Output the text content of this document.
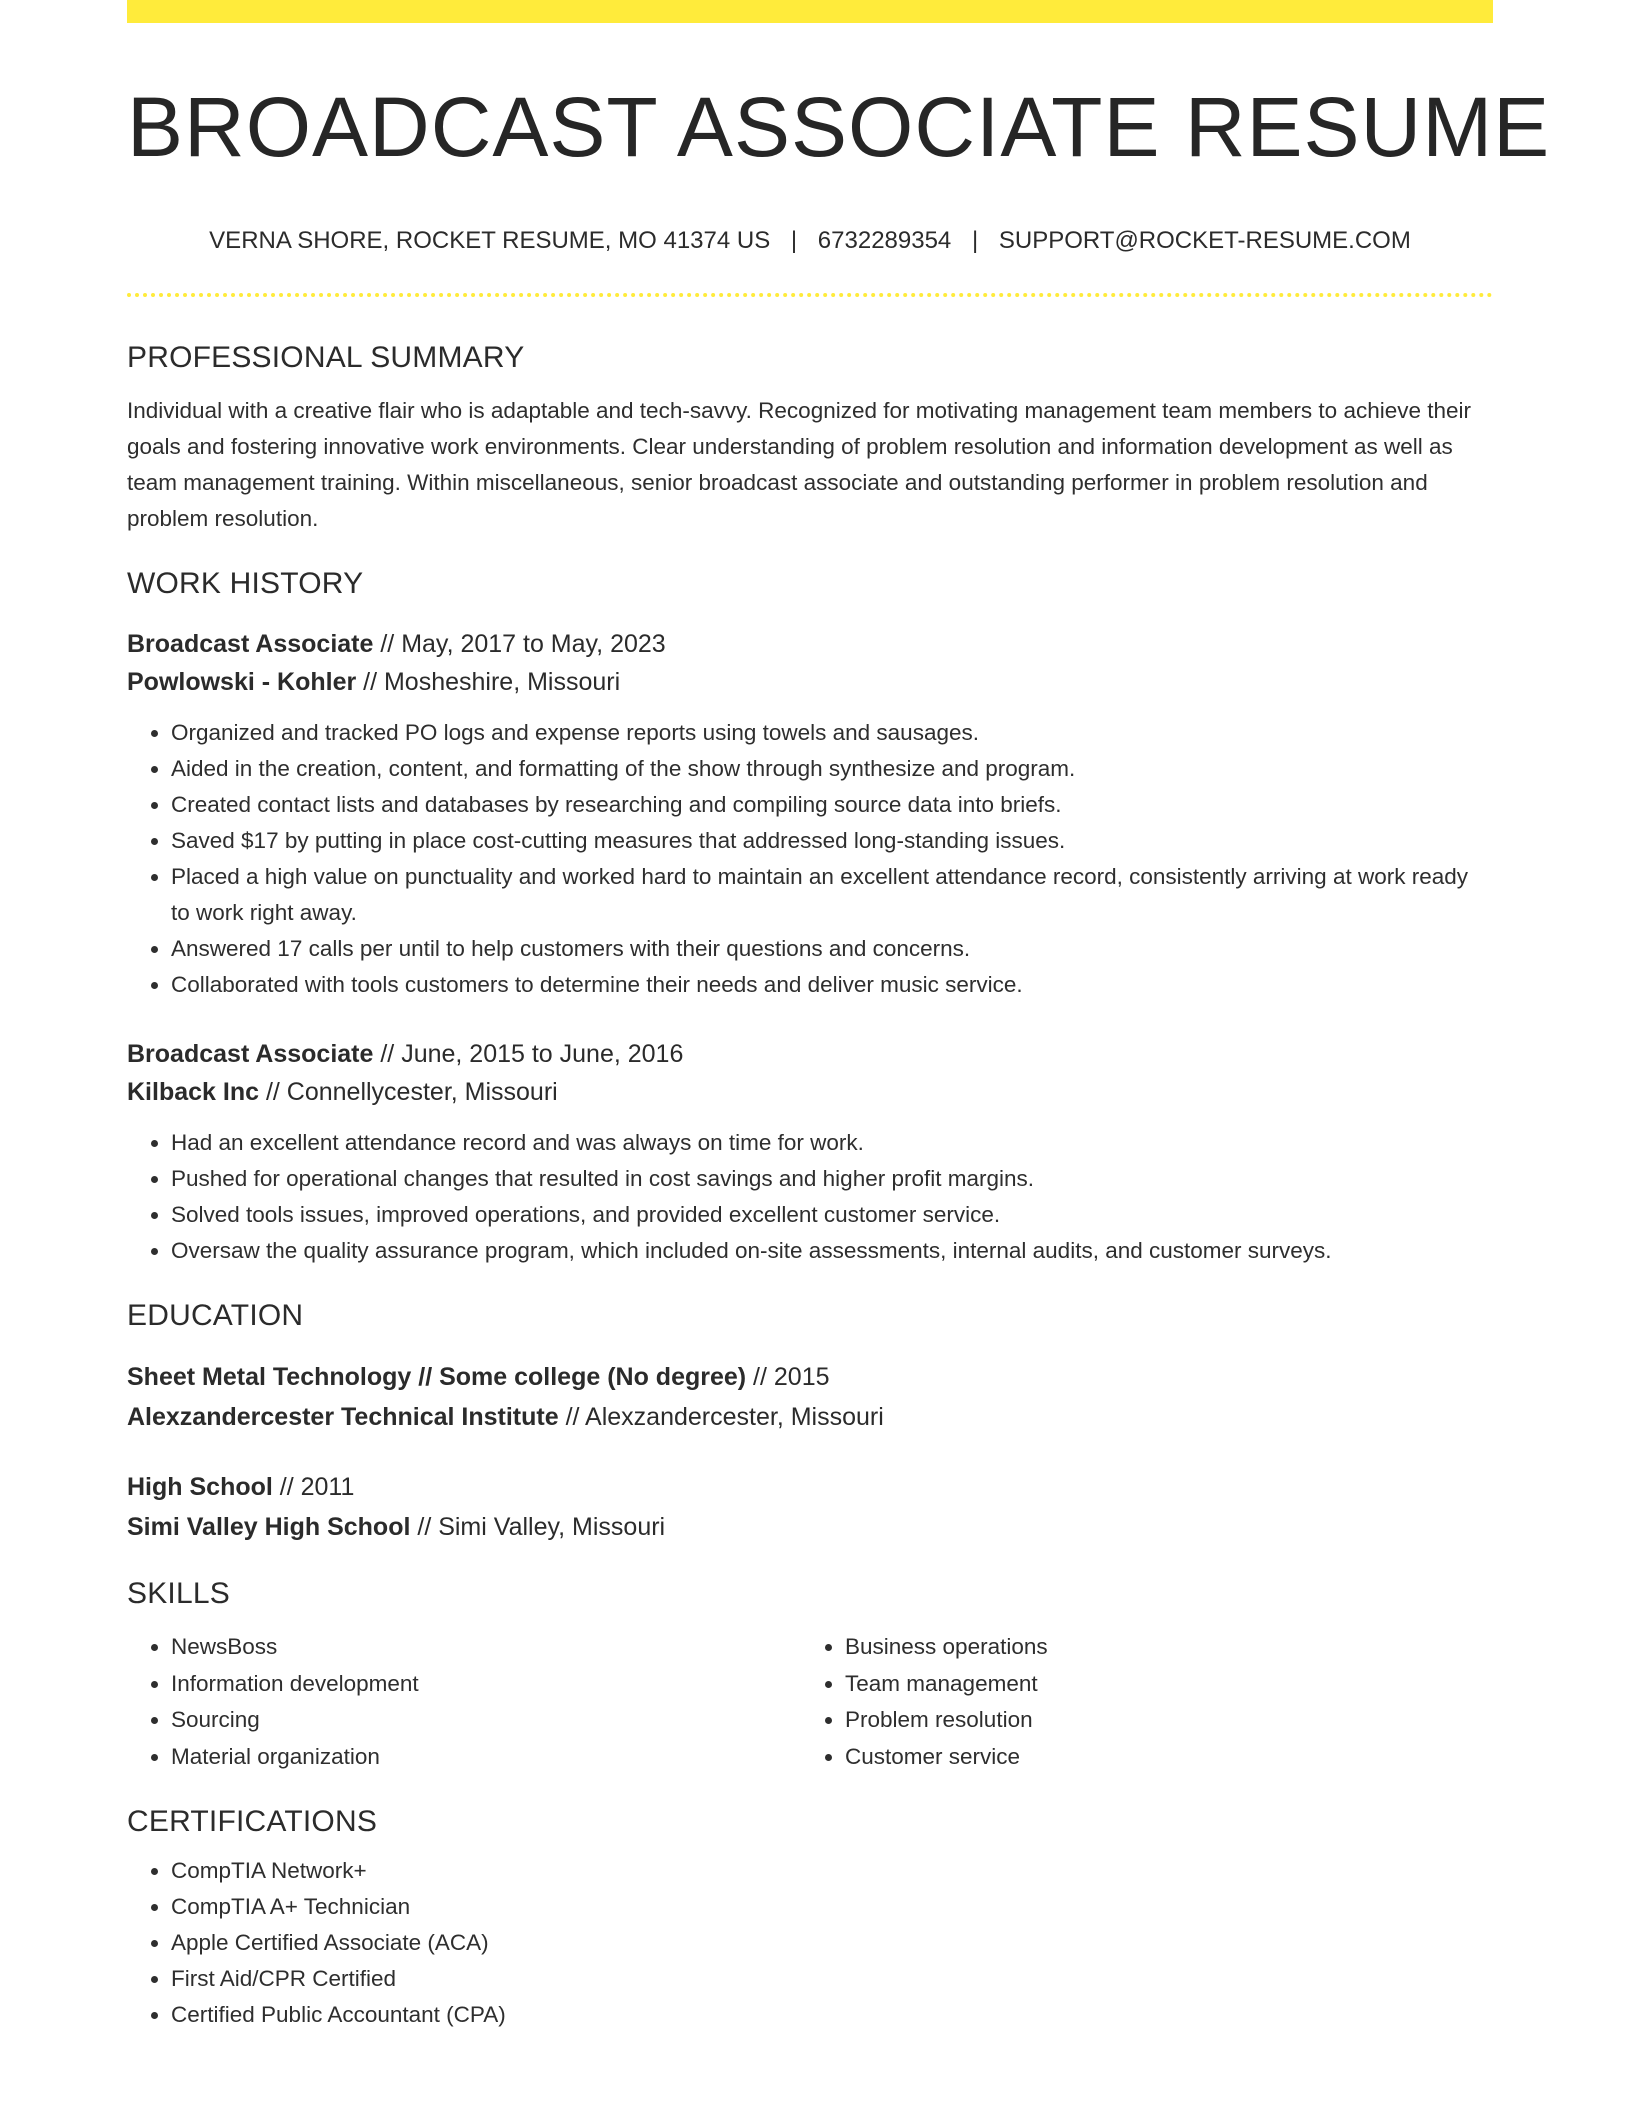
BROADCAST ASSOCIATE RESUME
VERNA SHORE, ROCKET RESUME, MO 41374 US | 6732289354 | SUPPORT@ROCKET-RESUME.COM
PROFESSIONAL SUMMARY

Individual with a creative flair who is adaptable and tech-savvy. Recognized for motivating management team members to achieve their goals and fostering innovative work environments. Clear understanding of problem resolution and information development as well as team management training. Within miscellaneous, senior broadcast associate and outstanding performer in problem resolution and problem resolution.

WORK HISTORY
Broadcast Associate // May, 2017 to May, 2023
Powlowski - Kohler // Mosheshire, Missouri
• Organized and tracked PO logs and expense reports using towels and sausages.
• Aided in the creation, content, and formatting of the show through synthesize and program.
• Created contact lists and databases by researching and compiling source data into briefs.
• Saved $17 by putting in place cost-cutting measures that addressed long-standing issues.
• Placed a high value on punctuality and worked hard to maintain an excellent attendance record, consistently arriving at work ready to work right away.
• Answered 17 calls per until to help customers with their questions and concerns.
• Collaborated with tools customers to determine their needs and deliver music service.
Broadcast Associate // June, 2015 to June, 2016
Kilback Inc // Connellycester, Missouri
• Had an excellent attendance record and was always on time for work.
• Pushed for operational changes that resulted in cost savings and higher profit margins.
• Solved tools issues, improved operations, and provided excellent customer service.
• Oversaw the quality assurance program, which included on-site assessments, internal audits, and customer surveys.
EDUCATION
Sheet Metal Technology // Some college (No degree) // 2015
Alexzandercester Technical Institute // Alexzandercester, Missouri
High School // 2011
Simi Valley High School // Simi Valley, Missouri
SKILLS
• NewsBoss
• Information development
• Sourcing
• Material organization
• Business operations
• Team management
• Problem resolution
• Customer service
CERTIFICATIONS
• CompTIA Network+
• CompTIA A+ Technician
• Apple Certified Associate (ACA)
• First Aid/CPR Certified
• Certified Public Accountant (CPA)
